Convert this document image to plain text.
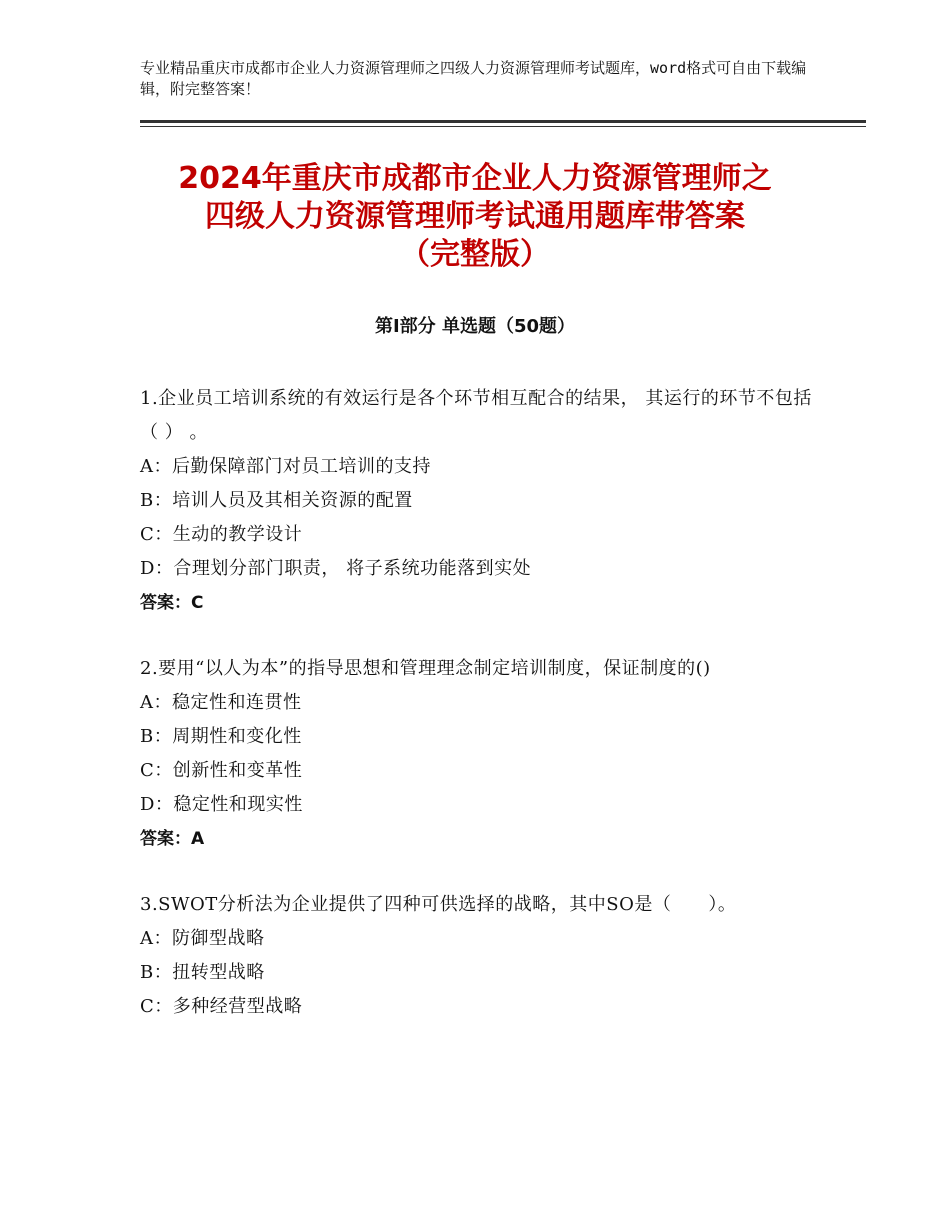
专业精品重庆市成都市企业人力资源管理师之四级人力资源管理师考试题库，word格式可自由下载编辑，附完整答案！
2024年重庆市成都市企业人力资源管理师之
四级人力资源管理师考试通用题库带答案
（完整版）
第Ⅰ部分 单选题（50题）
1.企业员工培训系统的有效运行是各个环节相互配合的结果， 其运行的环节不包括（ ） 。
A：后勤保障部门对员工培训的支持
B：培训人员及其相关资源的配置
C：生动的教学设计
D：合理划分部门职责， 将子系统功能落到实处
答案：C
2.要用“以人为本”的指导思想和管理理念制定培训制度，保证制度的()
A：稳定性和连贯性
B：周期性和变化性
C：创新性和变革性
D：稳定性和现实性
答案：A
3.SWOT分析法为企业提供了四种可供选择的战略，其中SO是（　　）。
A：防御型战略
B：扭转型战略
C：多种经营型战略
